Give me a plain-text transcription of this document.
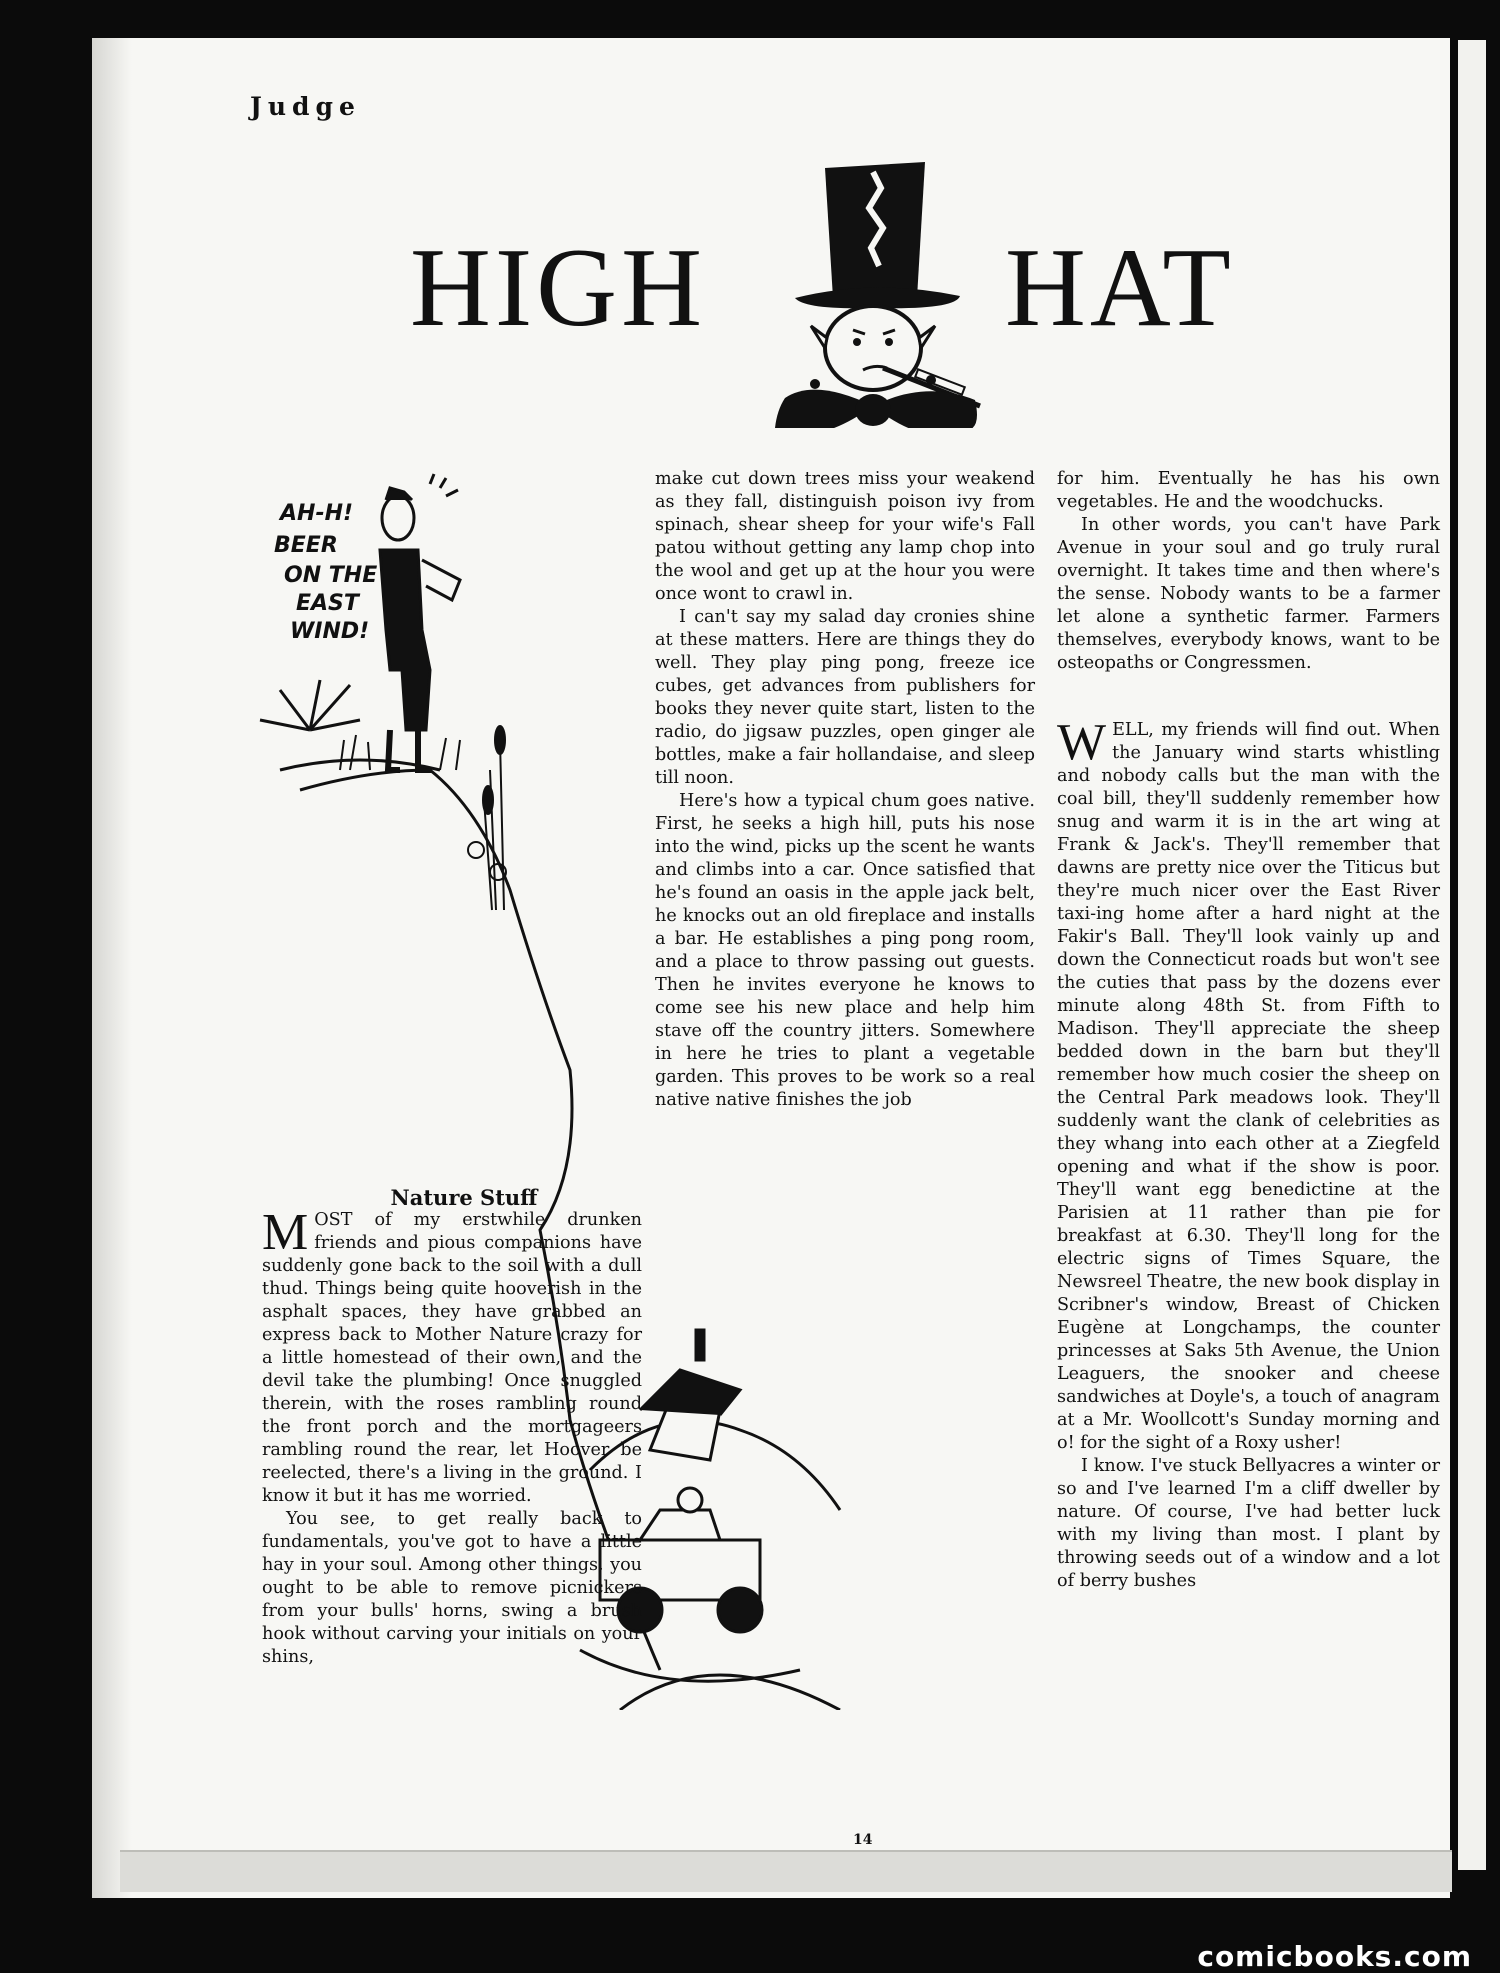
Judge
HIGH	HAT
AH-H!
BEER
ON THE
EAST
WIND!

Nature Stuff

MOST of my erstwhile drunken friends and pious companions have suddenly gone back to the soil with a dull thud. Things being quite hooverish in the asphalt spaces, they have grabbed an express back to Mother Nature crazy for a little homestead of their own, and the devil take the plumbing! Once snuggled therein, with the roses rambling round the front porch and the mortgageers rambling round the rear, let Hoover be reelected, there's a living in the ground. I know it but it has me worried.

You see, to get really back to fundamentals, you've got to have a little hay in your soul. Among other things, you ought to be able to remove picnickers from your bulls' horns, swing a brush hook without carving your initials on your shins,

make cut down trees miss your weakend as they fall, distinguish poison ivy from spinach, shear sheep for your wife's Fall patou without getting any lamp chop into the wool and get up at the hour you were once wont to crawl in.

I can't say my salad day cronies shine at these matters. Here are things they do well. They play ping pong, freeze ice cubes, get advances from publishers for books they never quite start, listen to the radio, do jigsaw puzzles, open ginger ale bottles, make a fair hollandaise, and sleep till noon.

Here's how a typical chum goes native. First, he seeks a high hill, puts his nose into the wind, picks up the scent he wants and climbs into a car. Once satisfied that he's found an oasis in the apple jack belt, he knocks out an old fireplace and installs a bar. He establishes a ping pong room, and a place to throw passing out guests. Then he invites everyone he knows to come see his new place and help him stave off the country jitters. Somewhere in here he tries to plant a vegetable garden. This proves to be work so a real native native finishes the job

for him. Eventually he has his own vegetables. He and the woodchucks.

In other words, you can't have Park Avenue in your soul and go truly rural overnight. It takes time and then where's the sense. Nobody wants to be a farmer let alone a synthetic farmer. Farmers themselves, everybody knows, want to be osteopaths or Congressmen.

WELL, my friends will find out. When the January wind starts whistling and nobody calls but the man with the coal bill, they'll suddenly remember how snug and warm it is in the art wing at Frank & Jack's. They'll remember that dawns are pretty nice over the Titicus but they're much nicer over the East River taxi-ing home after a hard night at the Fakir's Ball. They'll look vainly up and down the Connecticut roads but won't see the cuties that pass by the dozens ever minute along 48th St. from Fifth to Madison. They'll appreciate the sheep bedded down in the barn but they'll remember how much cosier the sheep on the Central Park meadows look. They'll suddenly want the clank of celebrities as they whang into each other at a Ziegfeld opening and what if the show is poor. They'll want egg benedictine at the Parisien at 11 rather than pie for breakfast at 6.30. They'll long for the electric signs of Times Square, the Newsreel Theatre, the new book display in Scribner's window, Breast of Chicken Eugène at Longchamps, the counter princesses at Saks 5th Avenue, the Union Leaguers, the snooker and cheese sandwiches at Doyle's, a touch of anagram at a Mr. Woollcott's Sunday morning and o! for the sight of a Roxy usher!

I know. I've stuck Bellyacres a winter or so and I've learned I'm a cliff dweller by nature. Of course, I've had better luck with my living than most. I plant by throwing seeds out of a window and a lot of berry bushes

14
comicbooks.com
